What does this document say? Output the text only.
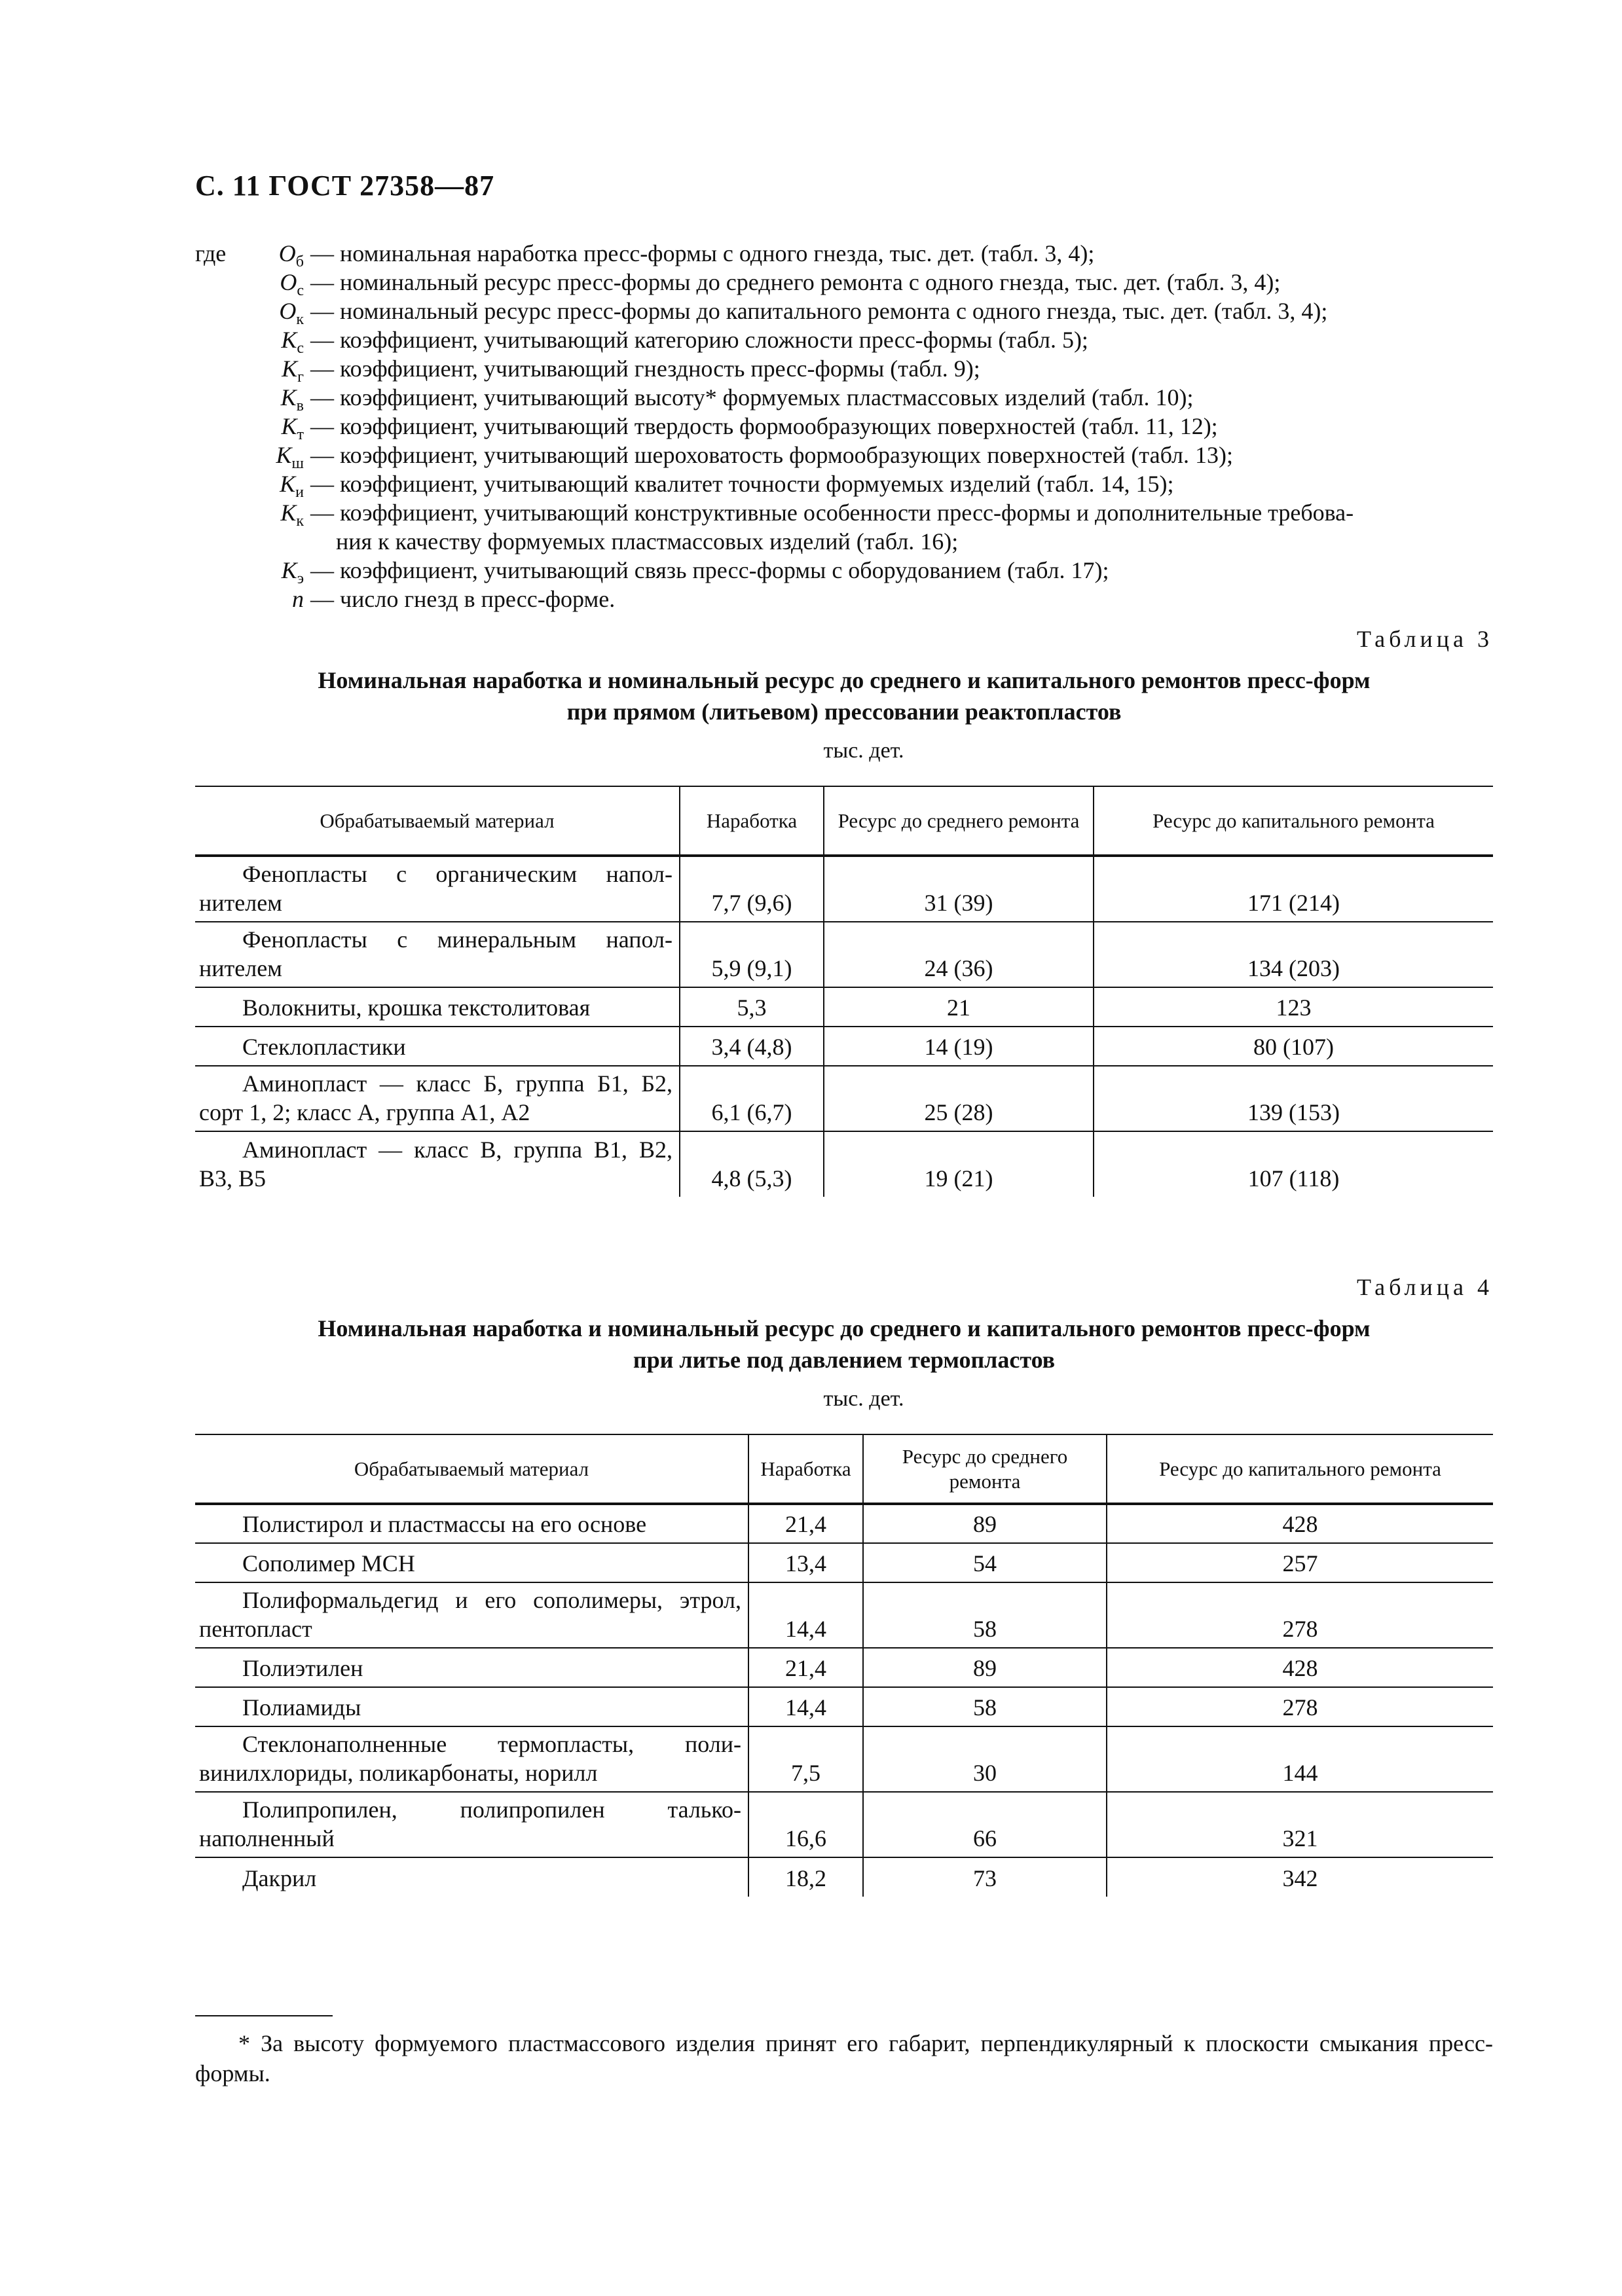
С. 11 ГОСТ 27358—87
где $О_б$ — номинальная наработка пресс-формы с одного гнезда, тыс. дет. (табл. 3, 4);
$О_с$ — номинальный ресурс пресс-формы до среднего ремонта с одного гнезда, тыс. дет. (табл. 3, 4);
$О_к$ — номинальный ресурс пресс-формы до капитального ремонта с одного гнезда, тыс. дет. (табл. 3, 4);
$K_с$ — коэффициент, учитывающий категорию сложности пресс-формы (табл. 5);
$K_г$ — коэффициент, учитывающий гнездность пресс-формы (табл. 9);
$K_в$ — коэффициент, учитывающий высоту* формуемых пластмассовых изделий (табл. 10);
$K_т$ — коэффициент, учитывающий твердость формообразующих поверхностей (табл. 11, 12);
$K_ш$ — коэффициент, учитывающий шероховатость формообразующих поверхностей (табл. 13);
$K_и$ — коэффициент, учитывающий квалитет точности формуемых изделий (табл. 14, 15);
$K_к$ — коэффициент, учитывающий конструктивные особенности пресс-формы и дополнительные требова-
ния к качеству формуемых пластмассовых изделий (табл. 16);
$K_э$ — коэффициент, учитывающий связь пресс-формы с оборудованием (табл. 17);
n — число гнезд в пресс-форме.
Таблица 3
Номинальная наработка и номинальный ресурс до среднего и капитального ремонтов пресс-форм
при прямом (литьевом) прессовании реактопластов
тыс. дет.
Обрабатываемый материал	Наработка	Ресурс до среднего ремонта	Ресурс до капитального ремонта
Фенопласты с органическим напол- нителем	7,7 (9,6)	31 (39)	171 (214)
Фенопласты с минеральным напол- нителем	5,9 (9,1)	24 (36)	134 (203)
Волокниты, крошка текстолитовая	5,3	21	123
Стеклопластики	3,4 (4,8)	14 (19)	80 (107)
Аминопласт — класс Б, группа Б1, Б2, сорт 1, 2; класс А, группа А1, А2	6,1 (6,7)	25 (28)	139 (153)
Аминопласт — класс В, группа В1, В2, В3, В5	4,8 (5,3)	19 (21)	107 (118)
Таблица 4
Номинальная наработка и номинальный ресурс до среднего и капитального ремонтов пресс-форм
при литье под давлением термопластов
тыс. дет.
Обрабатываемый материал	Наработка	Ресурс до среднего ремонта	Ресурс до капитального ремонта
Полистирол и пластмассы на его основе	21,4	89	428
Сополимер МСН	13,4	54	257
Полиформальдегид и его сополимеры, этрол, пентопласт	14,4	58	278
Полиэтилен	21,4	89	428
Полиамиды	14,4	58	278
Стеклонаполненные термопласты, поли- винилхлориды, поликарбонаты, норилл	7,5	30	144
Полипропилен, полипропилен талько- наполненный	16,6	66	321
Дакрил	18,2	73	342
* За высоту формуемого пластмассового изделия принят его габарит, перпендикулярный к плоскости смыкания пресс-формы.
